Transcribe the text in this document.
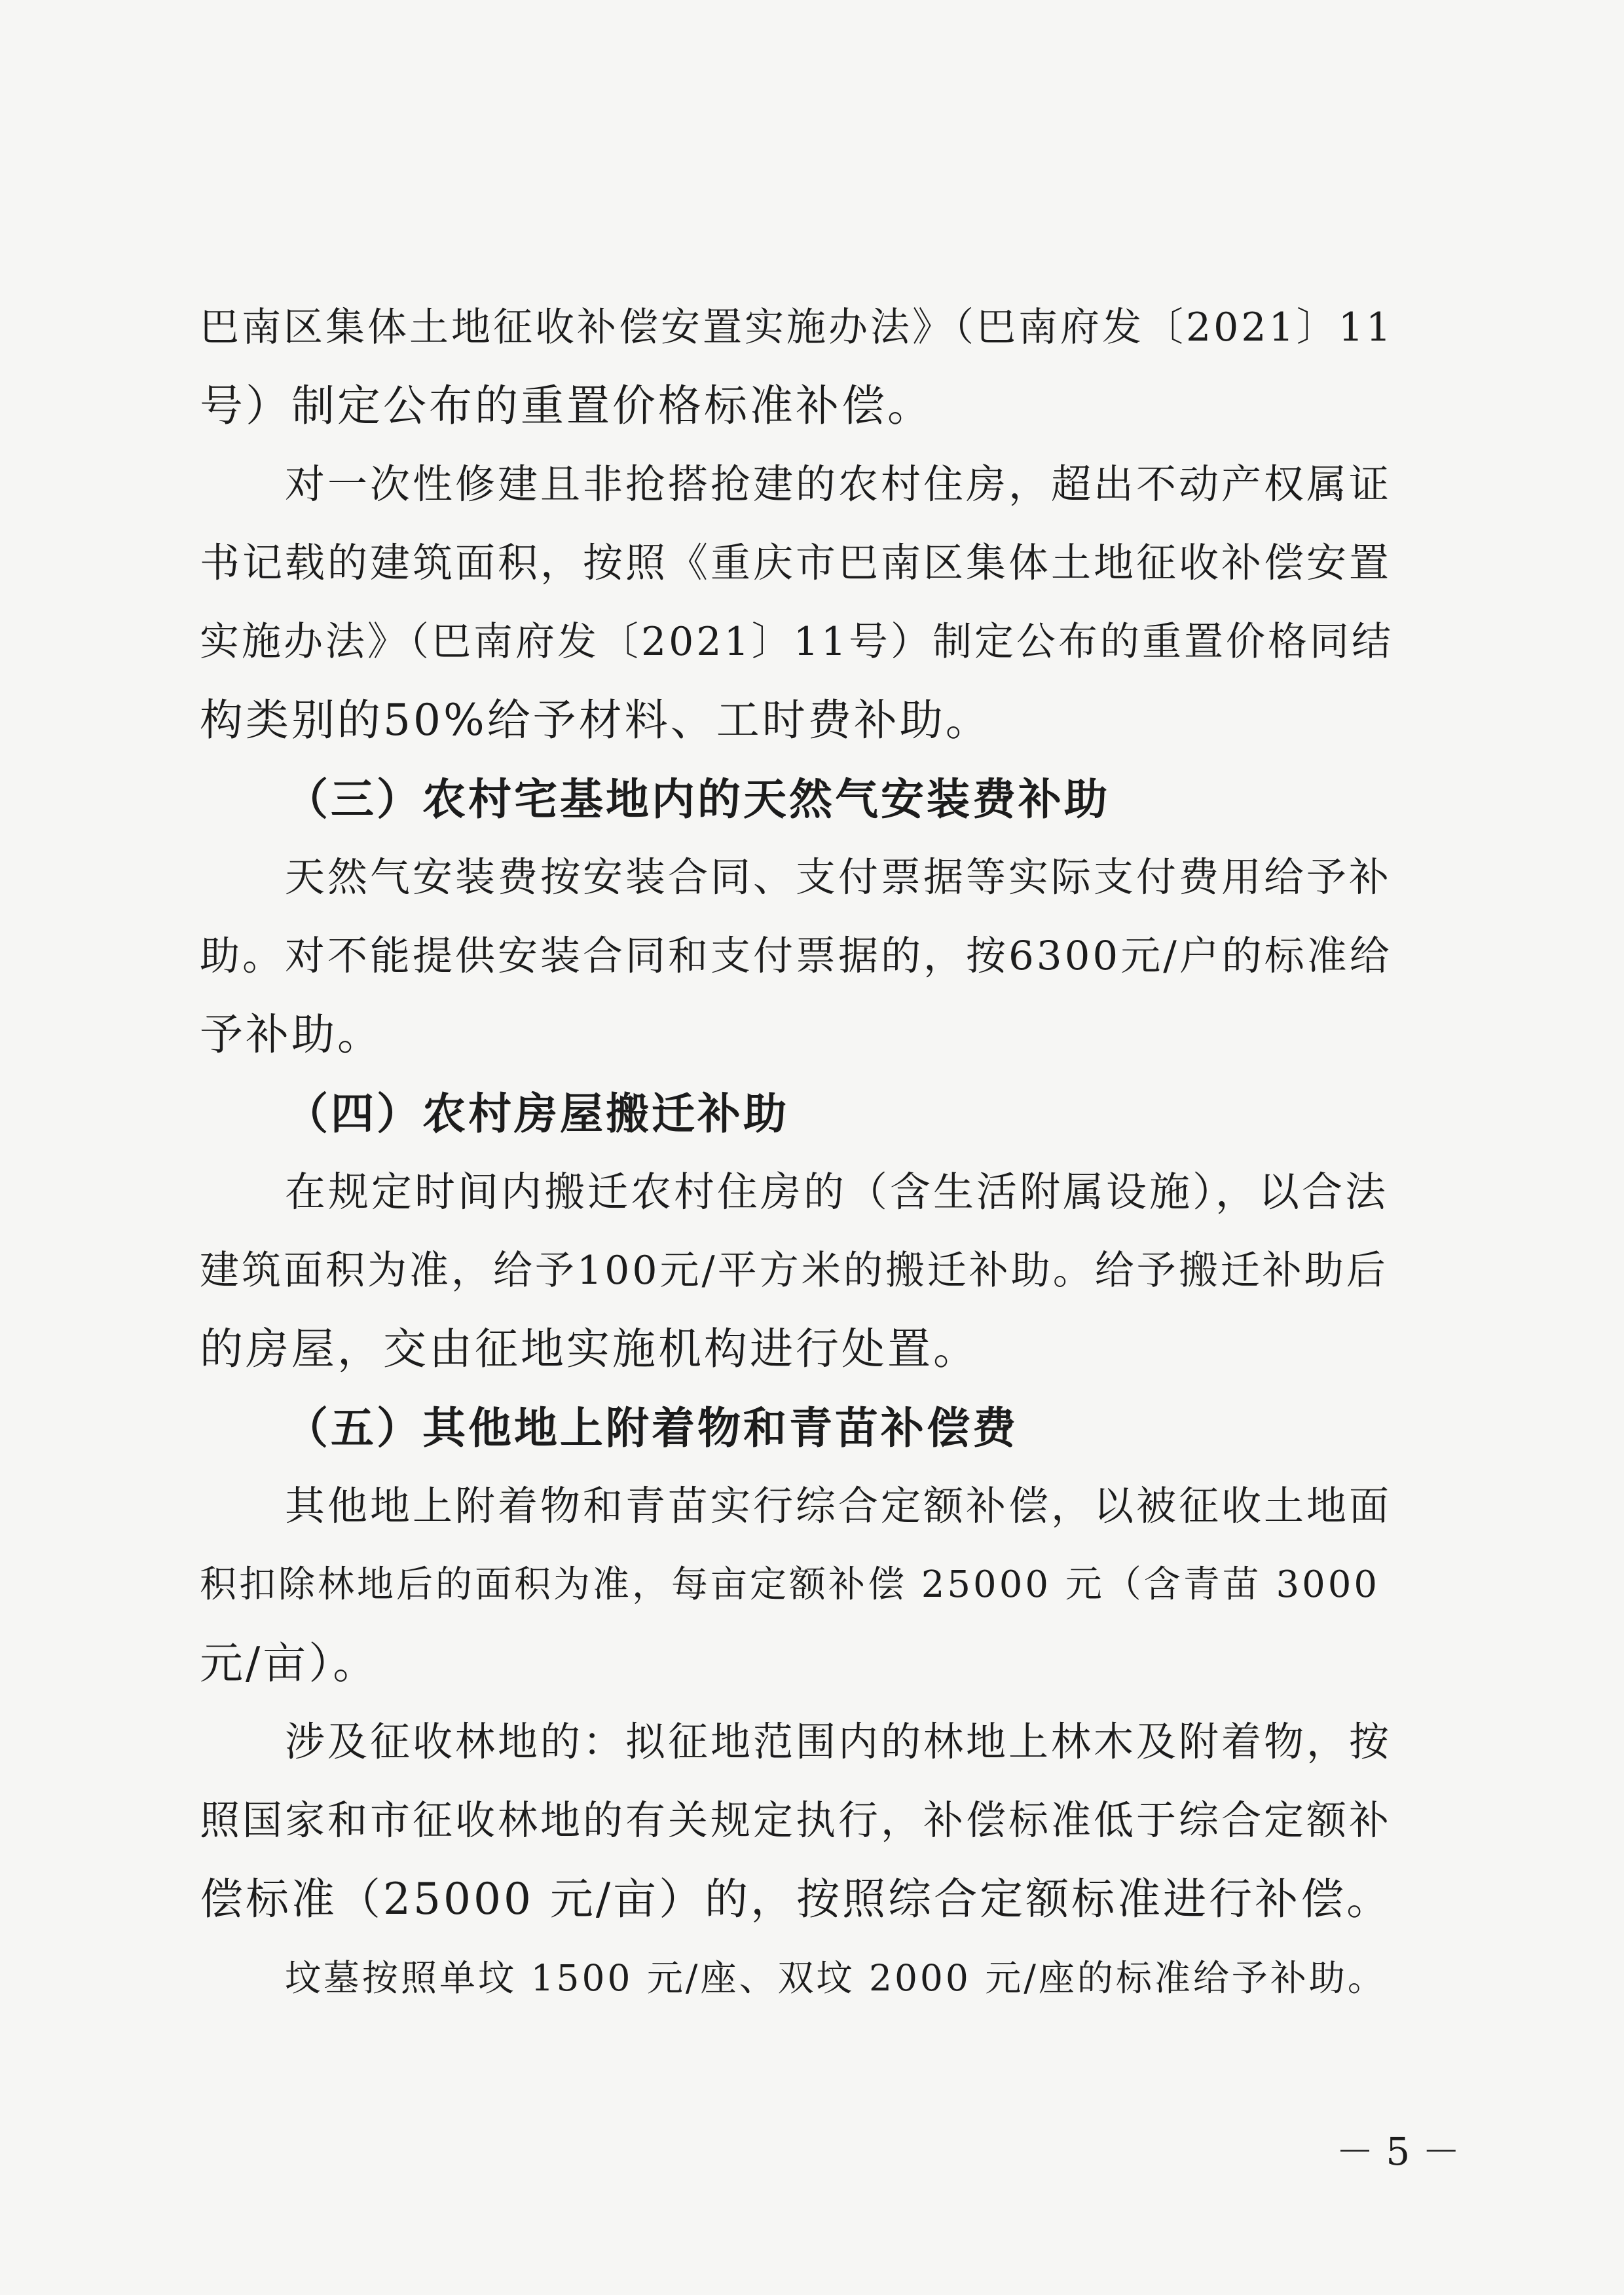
巴南区集体土地征收补偿安置实施办法》（巴南府发〔2021〕11
号）制定公布的重置价格标准补偿。
对一次性修建且非抢搭抢建的农村住房，超出不动产权属证
书记载的建筑面积，按照《重庆市巴南区集体土地征收补偿安置
实施办法》（巴南府发〔2021〕11号）制定公布的重置价格同结
构类别的50%给予材料、工时费补助。
（三）农村宅基地内的天然气安装费补助
天然气安装费按安装合同、支付票据等实际支付费用给予补
助。对不能提供安装合同和支付票据的，按6300元/户的标准给
予补助。
（四）农村房屋搬迁补助
在规定时间内搬迁农村住房的（含生活附属设施），以合法
建筑面积为准，给予100元/平方米的搬迁补助。给予搬迁补助后
的房屋，交由征地实施机构进行处置。
（五）其他地上附着物和青苗补偿费
其他地上附着物和青苗实行综合定额补偿，以被征收土地面
积扣除林地后的面积为准，每亩定额补偿 25000 元（含青苗 3000
元/亩）。
涉及征收林地的：拟征地范围内的林地上林木及附着物，按
照国家和市征收林地的有关规定执行，补偿标准低于综合定额补
偿标准（25000 元/亩）的，按照综合定额标准进行补偿。
坟墓按照单坟 1500 元/座、双坟 2000 元/座的标准给予补助。
－ 5 －
